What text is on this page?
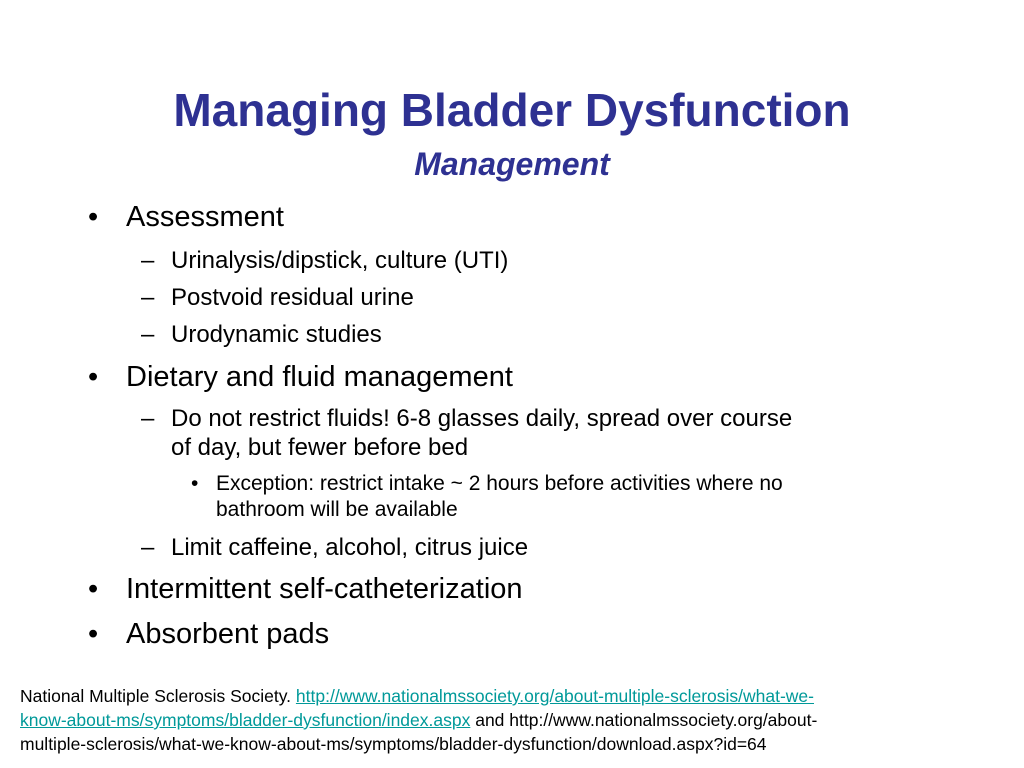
Managing Bladder Dysfunction
Management
• Assessment
– Urinalysis/dipstick, culture (UTI)
– Postvoid residual urine
– Urodynamic studies
• Dietary and fluid management
– Do not restrict fluids! 6-8 glasses daily, spread over course
of day, but fewer before bed
• Exception: restrict intake ~ 2 hours before activities where no
bathroom will be available
– Limit caffeine, alcohol, citrus juice
• Intermittent self-catheterization
• Absorbent pads
National Multiple Sclerosis Society. http://www.nationalmssociety.org/about-multiple-sclerosis/what-we-
know-about-ms/symptoms/bladder-dysfunction/index.aspx and http://www.nationalmssociety.org/about-
multiple-sclerosis/what-we-know-about-ms/symptoms/bladder-dysfunction/download.aspx?id=64
